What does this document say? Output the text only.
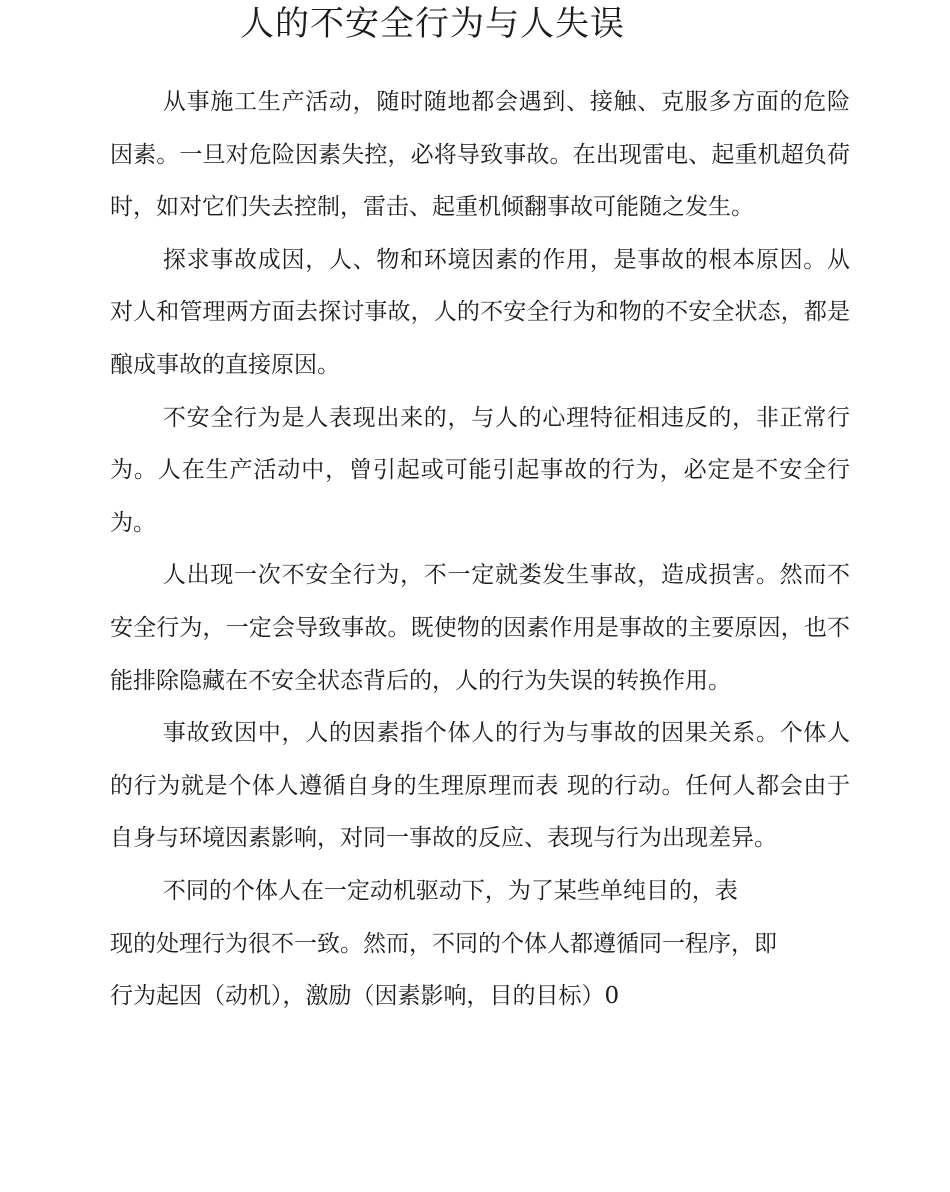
人的不安全行为与人失误

从事施工生产活动，随时随地都会遇到、接触、克服多方面的危险因素。一旦对危险因素失控，必将导致事故。在出现雷电、起重机超负荷时，如对它们失去控制，雷击、起重机倾翻事故可能随之发生。

探求事故成因，人、物和环境因素的作用，是事故的根本原因。从对人和管理两方面去探讨事故，人的不安全行为和物的不安全状态，都是酿成事故的直接原因。

不安全行为是人表现出来的，与人的心理特征相违反的，非正常行为。人在生产活动中，曾引起或可能引起事故的行为，必定是不安全行为。

人出现一次不安全行为，不一定就娄发生事故，造成损害。然而不安全行为，一定会导致事故。既使物的因素作用是事故的主要原因，也不能排除隐藏在不安全状态背后的，人的行为失误的转换作用。

事故致因中，人的因素指个体人的行为与事故的因果关系。个体人的行为就是个体人遵循自身的生理原理而表 现的行动。任何人都会由于自身与环境因素影响，对同一事故的反应、表现与行为出现差异。

不同的个体人在一定动机驱动下，为了某些单纯目的，表
现的处理行为很不一致。然而，不同的个体人都遵循同一程序，即
行为起因（动机），激励（因素影响，目的目标）0
